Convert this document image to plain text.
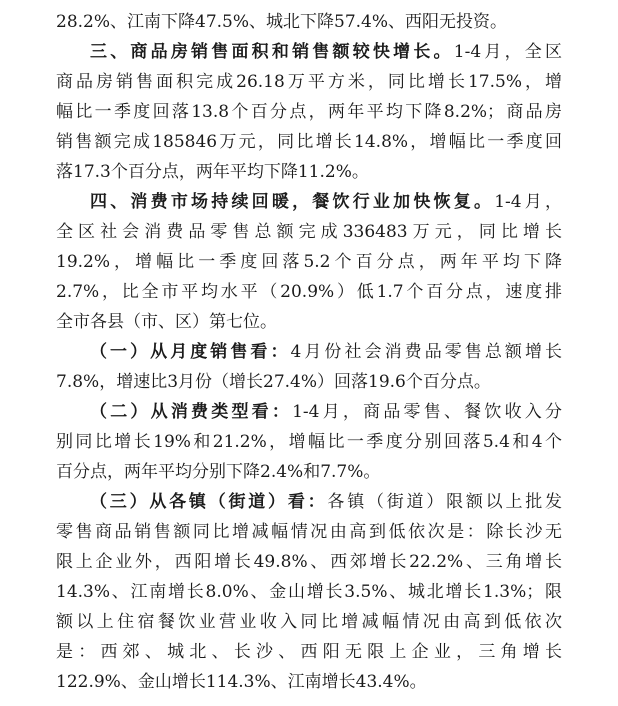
28.2%、江南下降47.5%、城北下降57.4%、西阳无投资。
三、商品房销售面积和销售额较快增长。1-4月，全区
商品房销售面积完成26.18万平方米，同比增长17.5%，增
幅比一季度回落13.8个百分点，两年平均下降8.2%；商品房
销售额完成185846万元，同比增长14.8%，增幅比一季度回
落17.3个百分点，两年平均下降11.2%。
四、消费市场持续回暖，餐饮行业加快恢复。1-4月，
全区社会消费品零售总额完成336483万元，同比增长
19.2%，增幅比一季度回落5.2个百分点，两年平均下降
2.7%，比全市平均水平（20.9%）低1.7个百分点，速度排
全市各县（市、区）第七位。
（一）从月度销售看：4月份社会消费品零售总额增长
7.8%，增速比3月份（增长27.4%）回落19.6个百分点。
（二）从消费类型看：1-4月，商品零售、餐饮收入分
别同比增长19%和21.2%，增幅比一季度分别回落5.4和4个
百分点，两年平均分别下降2.4%和7.7%。
（三）从各镇（街道）看：各镇（街道）限额以上批发
零售商品销售额同比增减幅情况由高到低依次是：除长沙无
限上企业外，西阳增长49.8%、西郊增长22.2%、三角增长
14.3%、江南增长8.0%、金山增长3.5%、城北增长1.3%；限
额以上住宿餐饮业营业收入同比增减幅情况由高到低依次
是：西郊、城北、长沙、西阳无限上企业，三角增长
122.9%、金山增长114.3%、江南增长43.4%。
